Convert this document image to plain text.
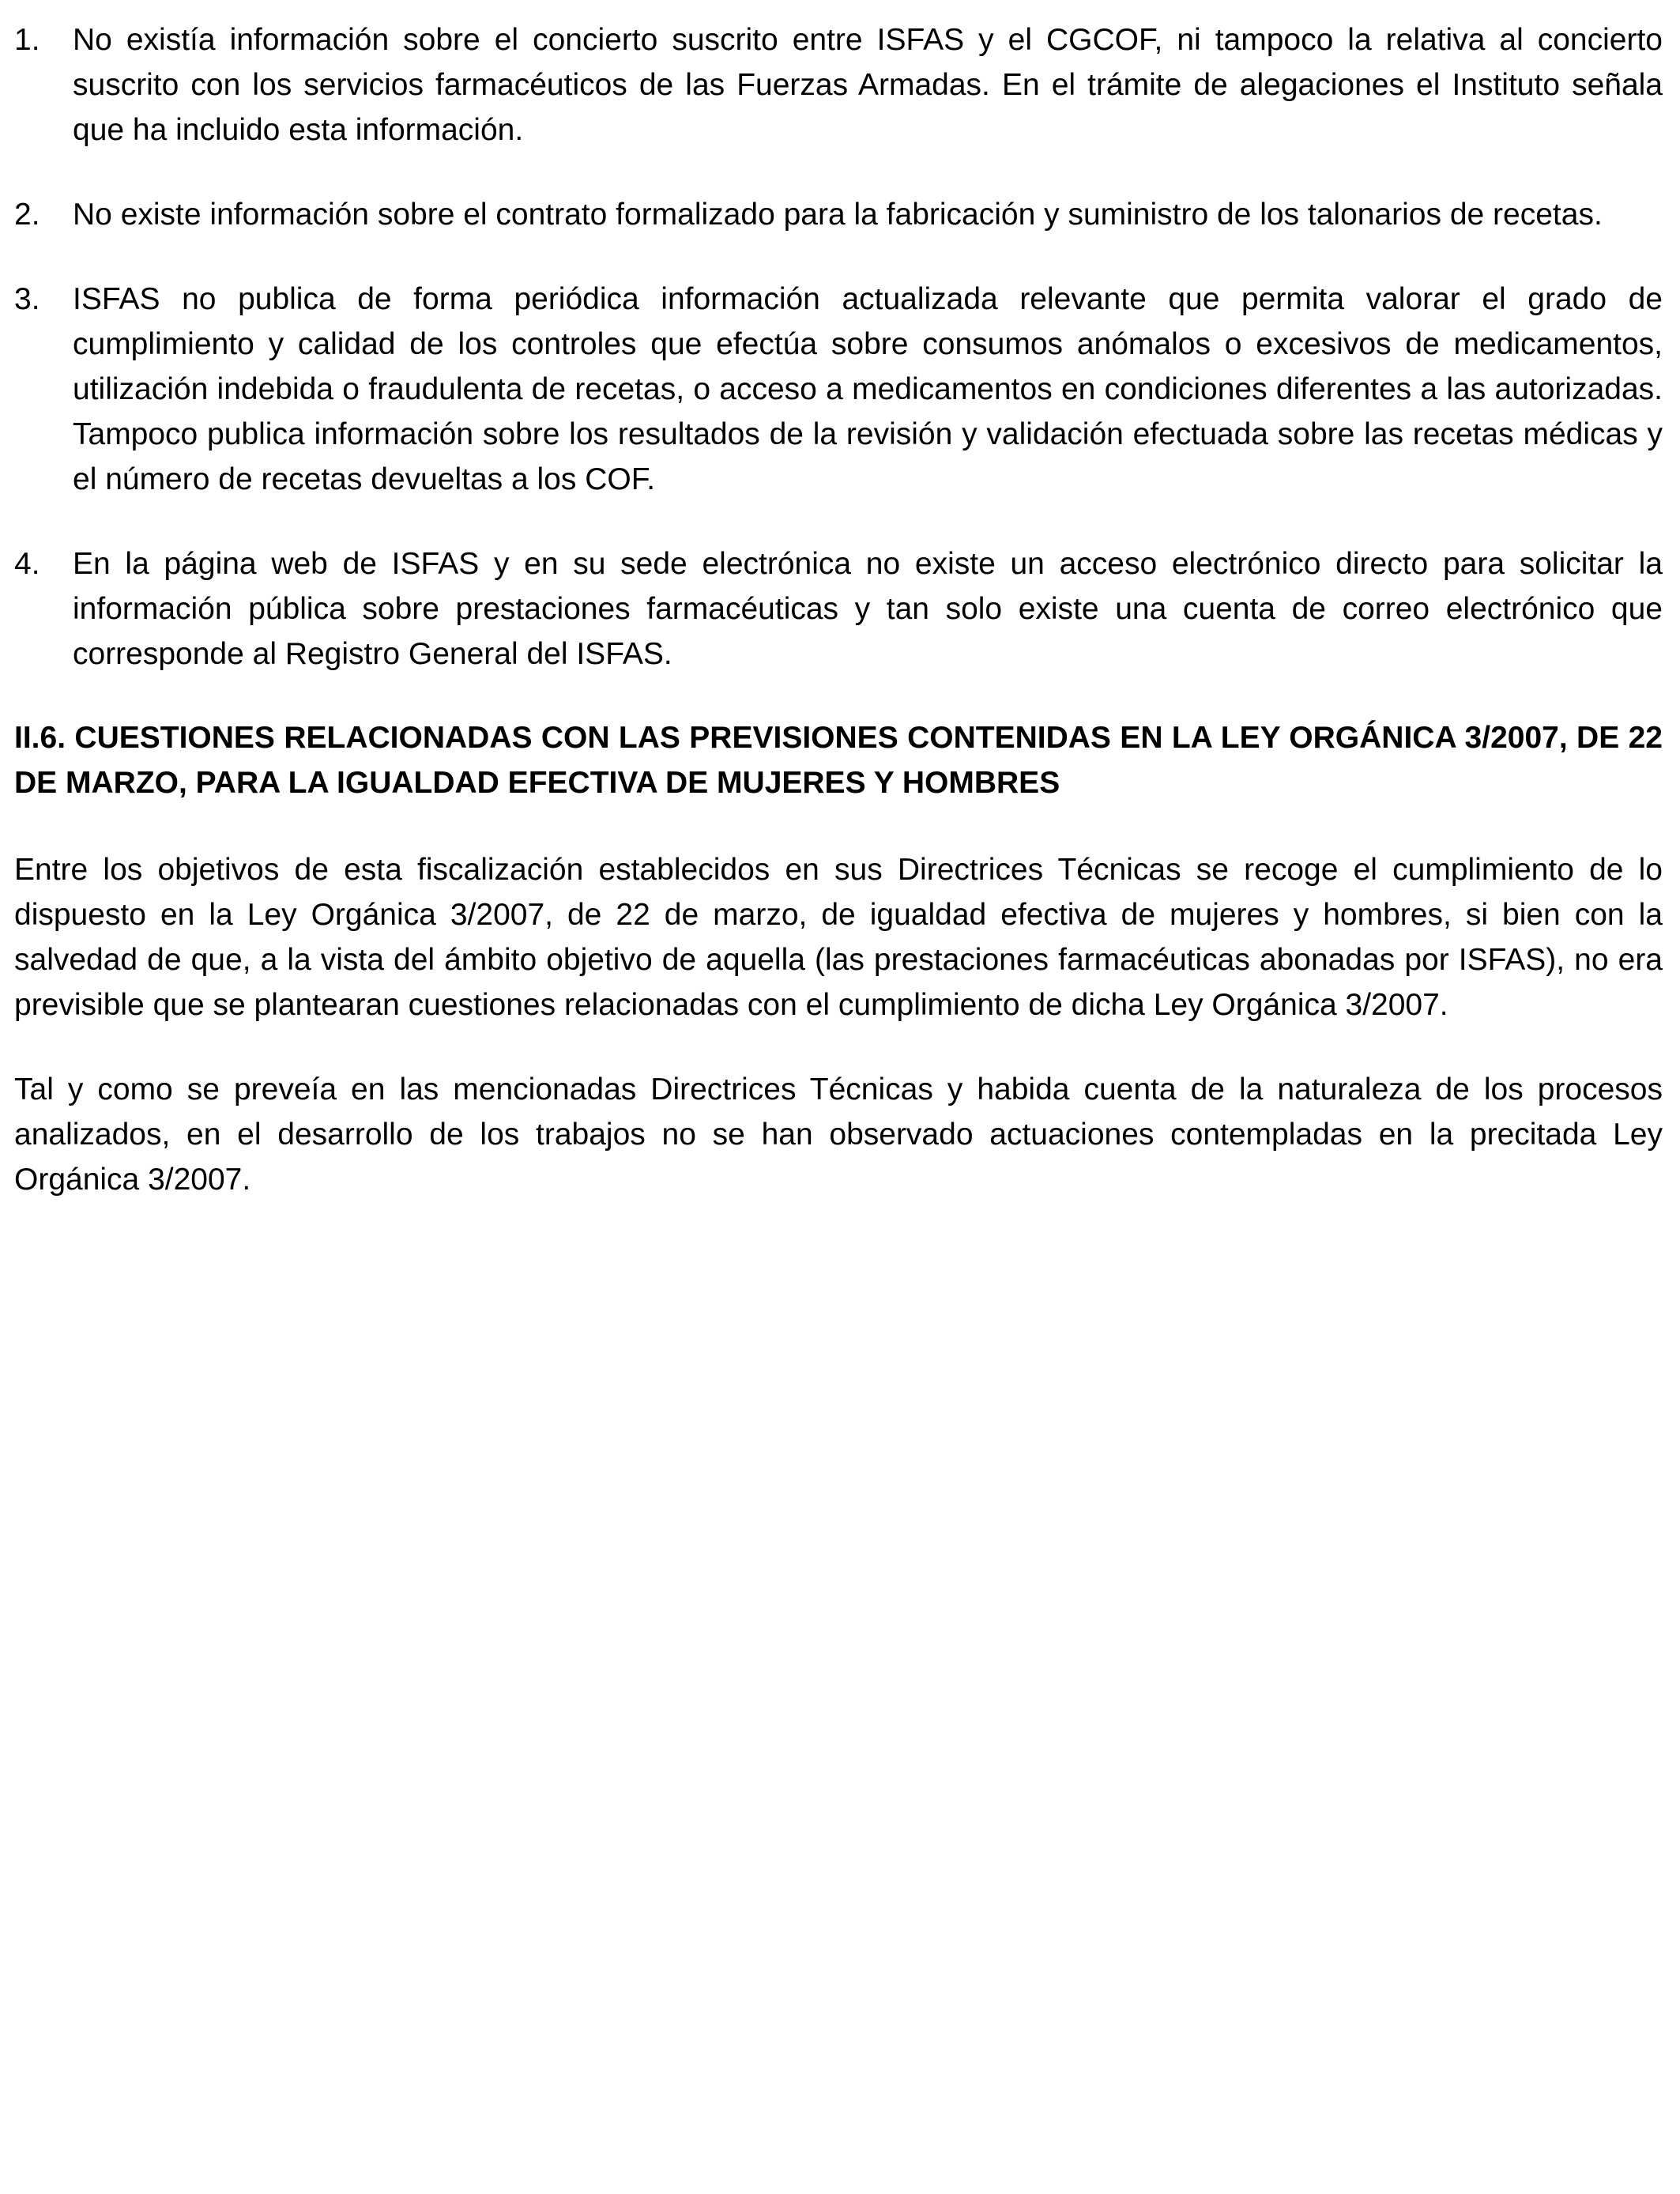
1. No existía información sobre el concierto suscrito entre ISFAS y el CGCOF, ni tampoco la relativa al concierto suscrito con los servicios farmacéuticos de las Fuerzas Armadas. En el trámite de alegaciones el Instituto señala que ha incluido esta información.
2. No existe información sobre el contrato formalizado para la fabricación y suministro de los talonarios de recetas.
3. ISFAS no publica de forma periódica información actualizada relevante que permita valorar el grado de cumplimiento y calidad de los controles que efectúa sobre consumos anómalos o excesivos de medicamentos, utilización indebida o fraudulenta de recetas, o acceso a medicamentos en condiciones diferentes a las autorizadas. Tampoco publica información sobre los resultados de la revisión y validación efectuada sobre las recetas médicas y el número de recetas devueltas a los COF.
4. En la página web de ISFAS y en su sede electrónica no existe un acceso electrónico directo para solicitar la información pública sobre prestaciones farmacéuticas y tan solo existe una cuenta de correo electrónico que corresponde al Registro General del ISFAS.
II.6. CUESTIONES RELACIONADAS CON LAS PREVISIONES CONTENIDAS EN LA LEY ORGÁNICA 3/2007, DE 22 DE MARZO, PARA LA IGUALDAD EFECTIVA DE MUJERES Y HOMBRES

Entre los objetivos de esta fiscalización establecidos en sus Directrices Técnicas se recoge el cumplimiento de lo dispuesto en la Ley Orgánica 3/2007, de 22 de marzo, de igualdad efectiva de mujeres y hombres, si bien con la salvedad de que, a la vista del ámbito objetivo de aquella (las prestaciones farmacéuticas abonadas por ISFAS), no era previsible que se plantearan cuestiones relacionadas con el cumplimiento de dicha Ley Orgánica 3/2007.

Tal y como se preveía en las mencionadas Directrices Técnicas y habida cuenta de la naturaleza de los procesos analizados, en el desarrollo de los trabajos no se han observado actuaciones contempladas en la precitada Ley Orgánica 3/2007.
